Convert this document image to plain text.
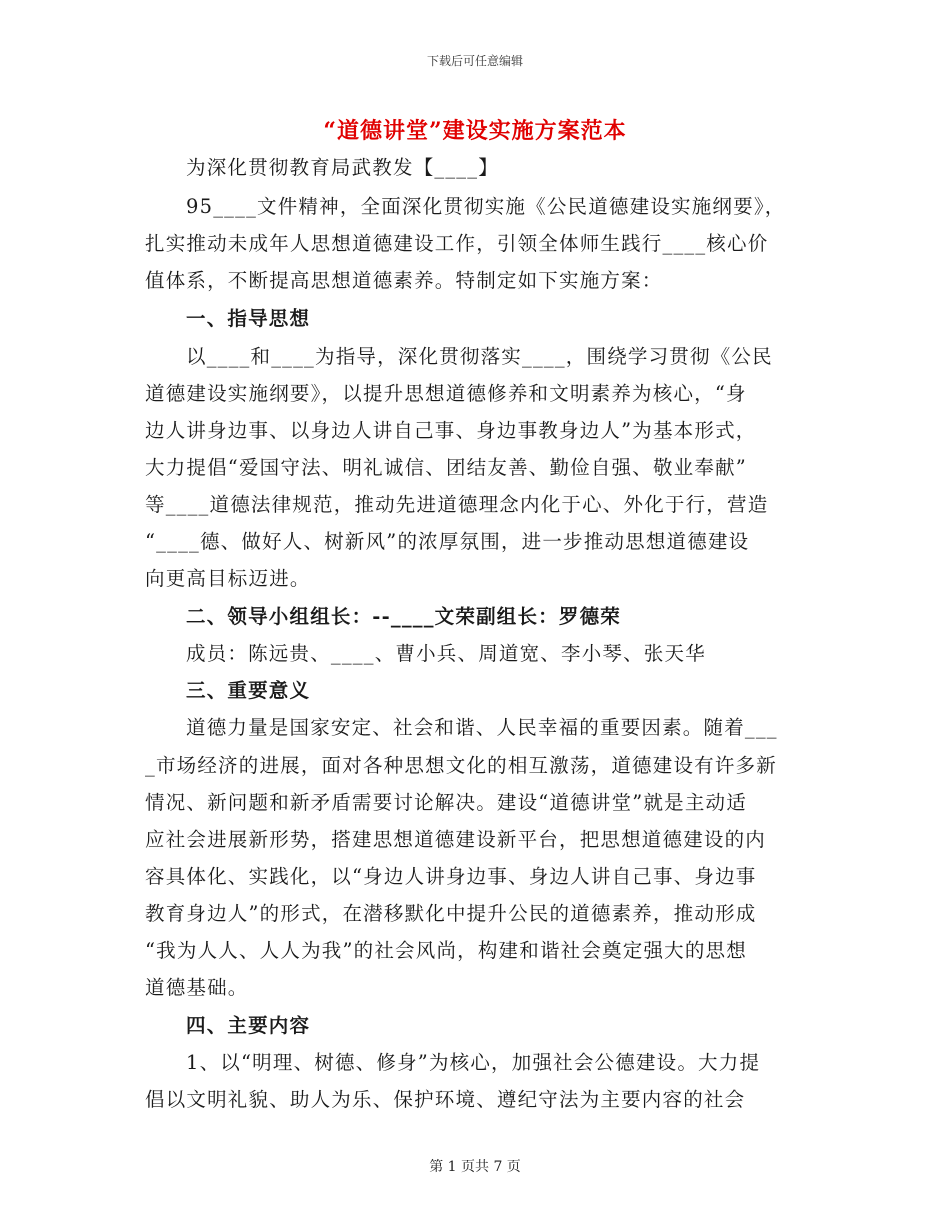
下载后可任意编辑
“道德讲堂”建设实施方案范本
为深化贯彻教育局武教发【____】
95____文件精神，全面深化贯彻实施《公民道德建设实施纲要》，
扎实推动未成年人思想道德建设工作，引领全体师生践行____核心价
值体系，不断提高思想道德素养。特制定如下实施方案：
一、指导思想
以____和____为指导，深化贯彻落实____，围绕学习贯彻《公民
道德建设实施纲要》，以提升思想道德修养和文明素养为核心，“身
边人讲身边事、以身边人讲自己事、身边事教身边人”为基本形式，
大力提倡“爱国守法、明礼诚信、团结友善、勤俭自强、敬业奉献”
等____道德法律规范，推动先进道德理念内化于心、外化于行，营造
“____德、做好人、树新风”的浓厚氛围，进一步推动思想道德建设
向更高目标迈进。
二、领导小组组长：--____文荣副组长：罗德荣
成员：陈远贵、____、曹小兵、周道宽、李小琴、张天华
三、重要意义
道德力量是国家安定、社会和谐、人民幸福的重要因素。随着___
_市场经济的进展，面对各种思想文化的相互激荡，道德建设有许多新
情况、新问题和新矛盾需要讨论解决。建设“道德讲堂”就是主动适
应社会进展新形势，搭建思想道德建设新平台，把思想道德建设的内
容具体化、实践化，以“身边人讲身边事、身边人讲自己事、身边事
教育身边人”的形式，在潜移默化中提升公民的道德素养，推动形成
“我为人人、人人为我”的社会风尚，构建和谐社会奠定强大的思想
道德基础。
四、主要内容
1、以“明理、树德、修身”为核心，加强社会公德建设。大力提
倡以文明礼貌、助人为乐、保护环境、遵纪守法为主要内容的社会
第 1 页共 7 页
